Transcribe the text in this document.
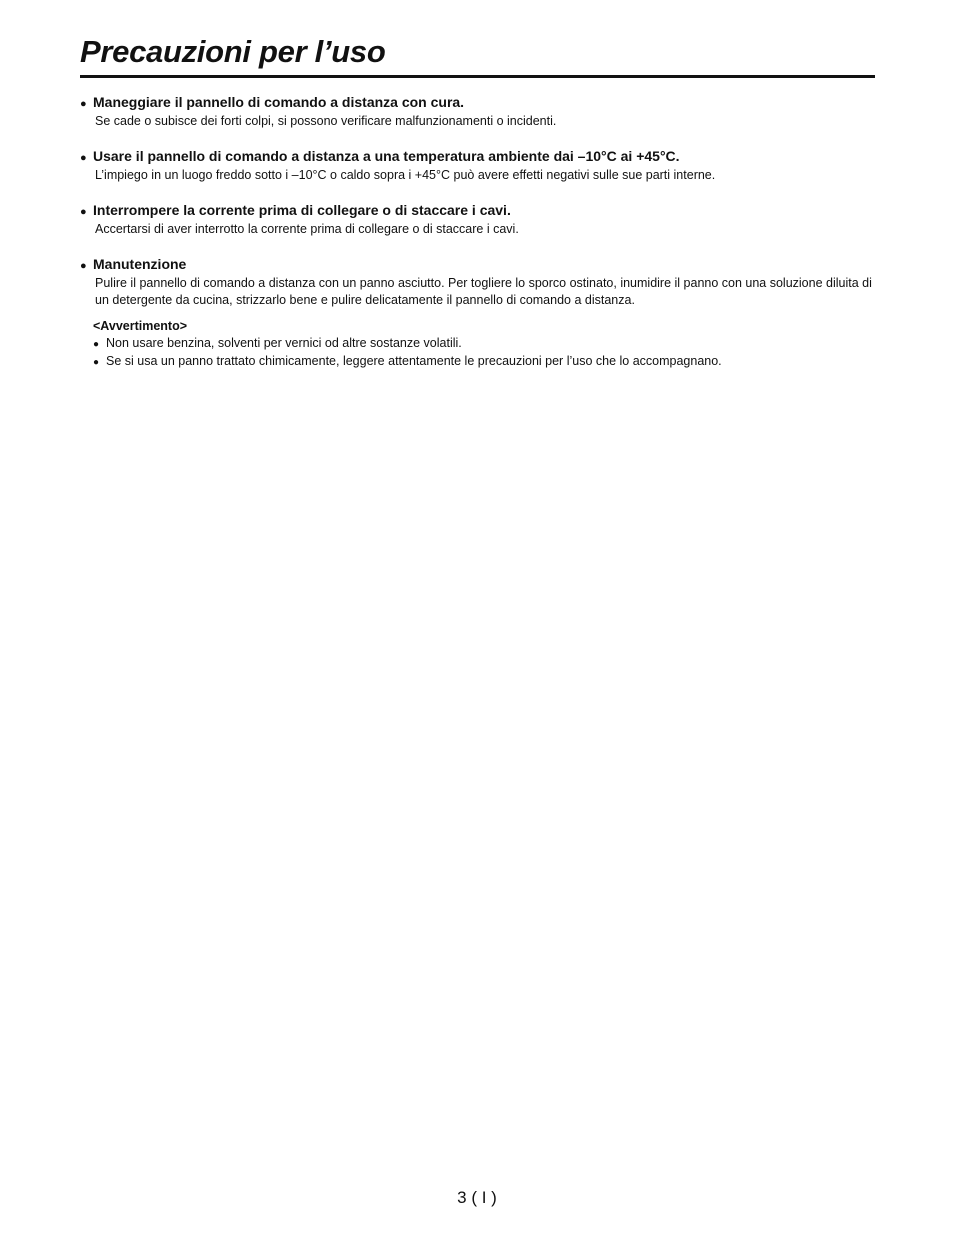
Precauzioni per l’uso
● Maneggiare il pannello di comando a distanza con cura.
Se cade o subisce dei forti colpi, si possono verificare malfunzionamenti o incidenti.
● Usare il pannello di comando a distanza a una temperatura ambiente dai –10°C ai +45°C.
L’impiego in un luogo freddo sotto i –10°C o caldo sopra i +45°C può avere effetti negativi sulle sue parti interne.
● Interrompere la corrente prima di collegare o di staccare i cavi.
Accertarsi di aver interrotto la corrente prima di collegare o di staccare i cavi.
● Manutenzione
Pulire il pannello di comando a distanza con un panno asciutto. Per togliere lo sporco ostinato, inumidire il panno con una soluzione diluita di un detergente da cucina, strizzarlo bene e pulire delicatamente il pannello di comando a distanza.
<Avvertimento>
● Non usare benzina, solventi per vernici od altre sostanze volatili.
● Se si usa un panno trattato chimicamente, leggere attentamente le precauzioni per l’uso che lo accompagnano.
3 ( I )
